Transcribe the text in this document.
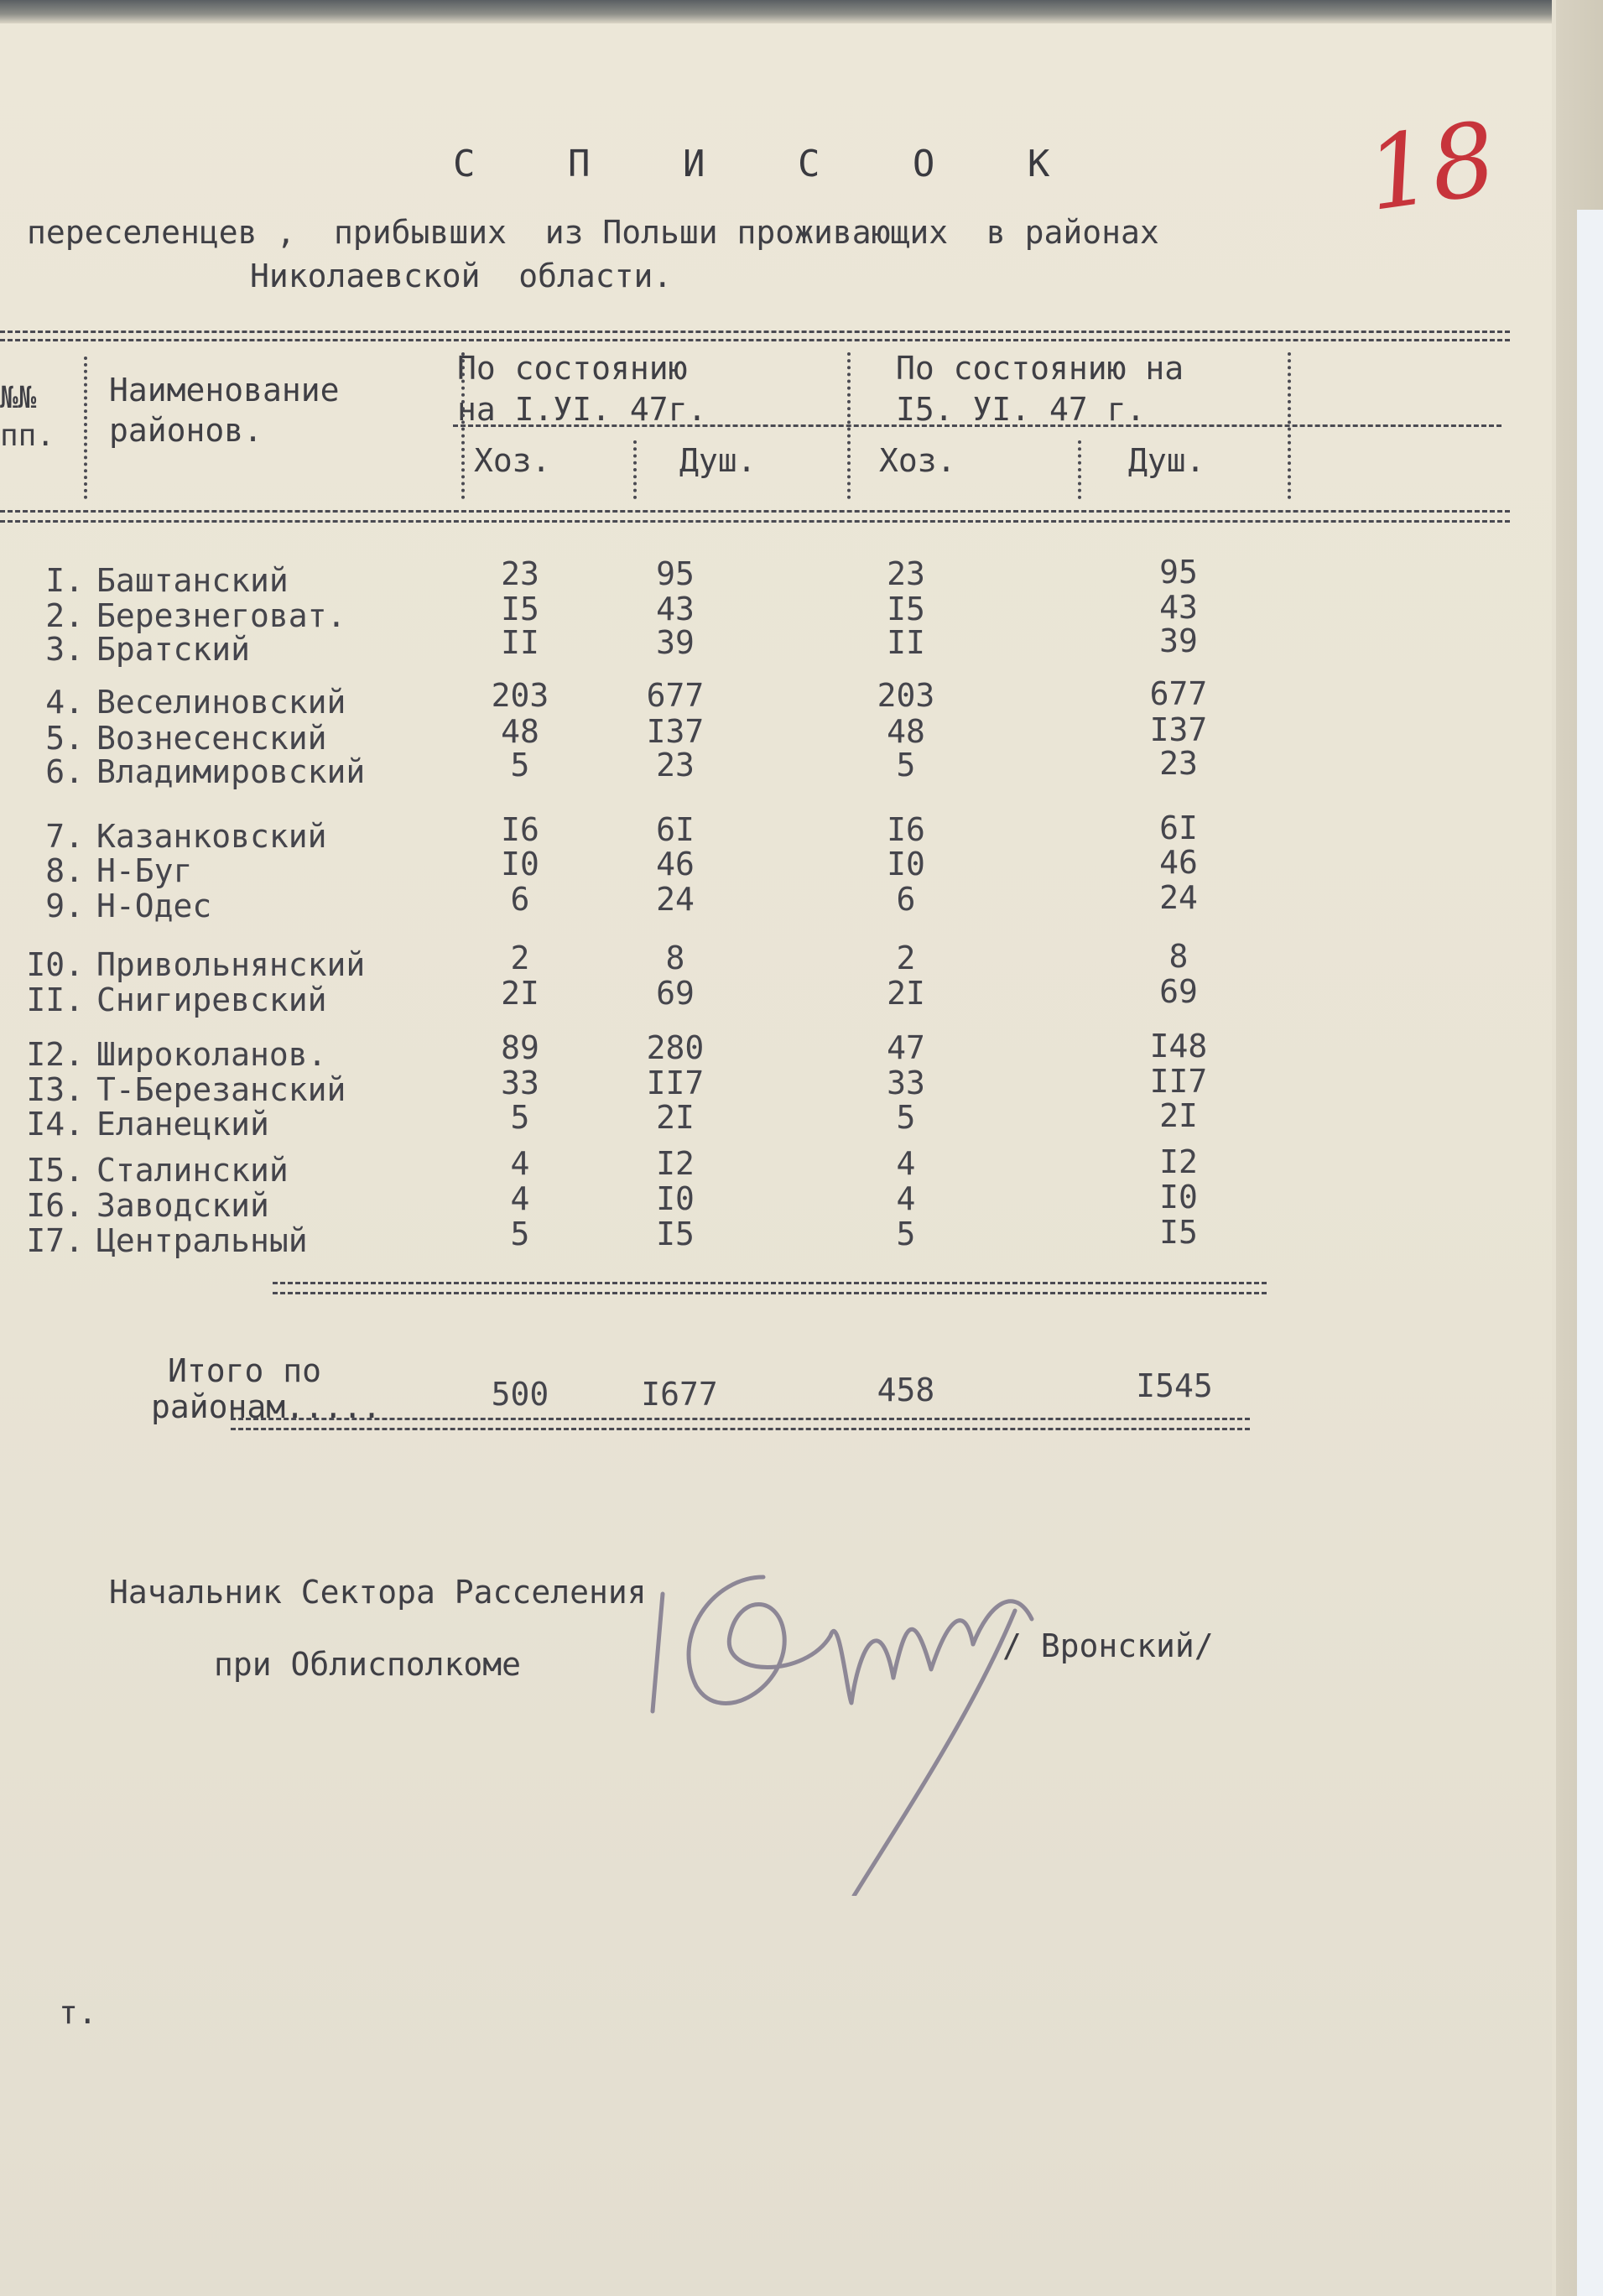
18
С П И С О К
переселенцев ,  прибывших  из Польши проживающих  в районах
Николаевской  области.
№№
пп.
Наименование
районов.
По состоянию
на I.УI. 47г.
По состоянию на
I5. УI. 47 г.
Хоз.	Душ.	Хоз.	Душ.
I. Баштанский	23	95	23	95
2. Березнеговат.	I5	43	I5	43
3. Братский	II	39	II	39
4. Веселиновский	203	677	203	677
5. Вознесенский	48	I37	48	I37
6. Владимировский	5	23	5	23
7. Казанковский	I6	6I	I6	6I
8. Н-Буг	I0	46	I0	46
9. Н-Одес	6	24	6	24
I0. Привольнянский	2	8	2	8
II. Снигиревский	2I	69	2I	69
I2. Широколанов.	89	280	47	I48
I3. Т-Березанский	33	II7	33	II7
I4. Еланецкий	5	2I	5	2I
I5. Сталинский	4	I2	4	I2
I6. Заводский	4	I0	4	I0
I7. Центральный	5	I5	5	I5
Итого по
районам.....	500	I677	458	I545
Начальник Сектора Расселения
при Облисполкоме	/ Вронский/
т.
